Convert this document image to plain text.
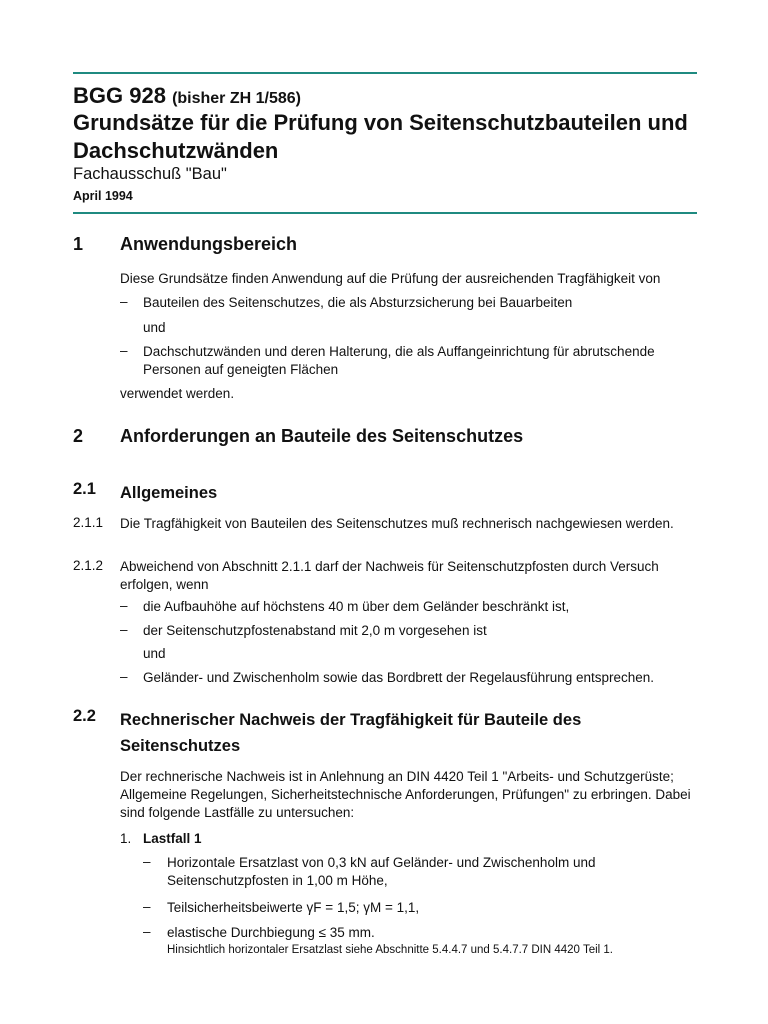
BGG 928 (bisher ZH 1/586)
Grundsätze für die Prüfung von Seitenschutzbauteilen und Dachschutzwänden
Fachausschuß "Bau"
April 1994
1 Anwendungsbereich
Diese Grundsätze finden Anwendung auf die Prüfung der ausreichenden Tragfähigkeit von
– Bauteilen des Seitenschutzes, die als Absturzsicherung bei Bauarbeiten
und
– Dachschutzwänden und deren Halterung, die als Auffangeinrichtung für abrutschende Personen auf geneigten Flächen
verwendet werden.
2 Anforderungen an Bauteile des Seitenschutzes
2.1 Allgemeines
2.1.1 Die Tragfähigkeit von Bauteilen des Seitenschutzes muß rechnerisch nachgewiesen werden.
2.1.2 Abweichend von Abschnitt 2.1.1 darf der Nachweis für Seitenschutzpfosten durch Versuch erfolgen, wenn
– die Aufbauhöhe auf höchstens 40 m über dem Geländer beschränkt ist,
– der Seitenschutzpfostenabstand mit 2,0 m vorgesehen ist
und
– Geländer- und Zwischenholm sowie das Bordbrett der Regelausführung entsprechen.
2.2 Rechnerischer Nachweis der Tragfähigkeit für Bauteile des Seitenschutzes
Der rechnerische Nachweis ist in Anlehnung an DIN 4420 Teil 1 "Arbeits- und Schutzgerüste; Allgemeine Regelungen, Sicherheitstechnische Anforderungen, Prüfungen" zu erbringen. Dabei sind folgende Lastfälle zu untersuchen:
1. Lastfall 1
– Horizontale Ersatzlast von 0,3 kN auf Geländer- und Zwischenholm und Seitenschutzpfosten in 1,00 m Höhe,
– Teilsicherheitsbeiwerte γF = 1,5; γM = 1,1,
– elastische Durchbiegung ≤ 35 mm.
Hinsichtlich horizontaler Ersatzlast siehe Abschnitte 5.4.4.7 und 5.4.7.7 DIN 4420 Teil 1.
